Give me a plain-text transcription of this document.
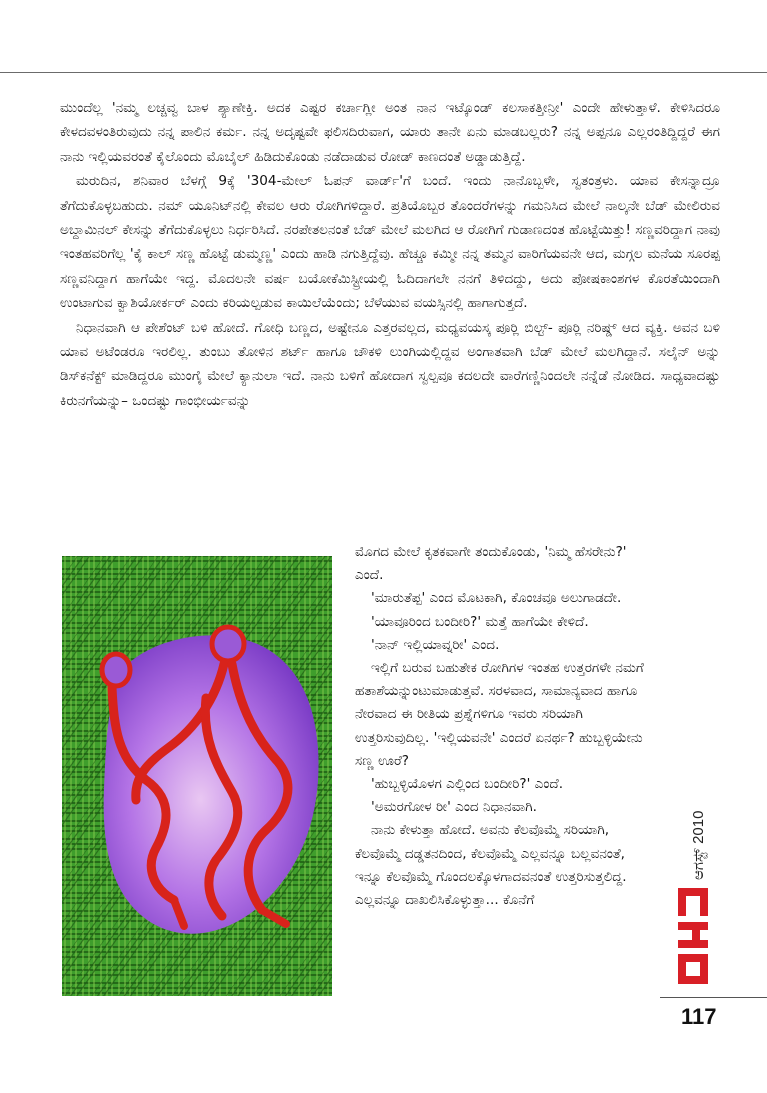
ಮುಂದೆಲ್ಲ 'ನಮ್ಮ ಲಚ್ಚವ್ವ ಬಾಳ ಶ್ಯಾಣೇಕ್ತಿ. ಅದಕ ಎಷ್ಟರ ಕರ್ಚಾಗ್ಲೀ ಅಂತ ನಾನ ಇಟ್ಕೊಂಡ್ ಕಲಸಾಕತ್ತೀನ್ರೀ' ಎಂದೇ ಹೇಳುತ್ತಾಳೆ. ಕೇಳಿಸಿದರೂ ಕೇಳದವಳಂತಿರುವುದು ನನ್ನ ಪಾಲಿನ ಕರ್ಮ. ನನ್ನ ಅದೃಷ್ಟವೇ ಫಲಿಸದಿರುವಾಗ, ಯಾರು ತಾನೇ ಏನು ಮಾಡಬಲ್ಲರು? ನನ್ನ ಅಪ್ಪನೂ ಎಲ್ಲರಂತಿದ್ದಿದ್ದರೆ ಈಗ ನಾನು ಇಲ್ಲಿಯವರಂತೆ ಕೈಲೊಂದು ಮೊಬೈಲ್ ಹಿಡಿದುಕೊಂಡು ನಡೆದಾಡುವ ರೋಡ್ ಕಾಣದಂತೆ ಅಡ್ಡಾಡುತ್ತಿದ್ದೆ.

ಮರುದಿನ, ಶನಿವಾರ ಬೆಳಗ್ಗೆ 9ಕ್ಕೆ '304-ಮೇಲ್ ಓಪನ್ ವಾರ್ಡ್'ಗೆ ಬಂದೆ. ಇಂದು ನಾನೊಬ್ಬಳೇ, ಸ್ವತಂತ್ರಳು. ಯಾವ ಕೇಸನ್ನಾದ್ರೂ ತೆಗೆದುಕೊಳ್ಳಬಹುದು. ನಮ್ ಯೂನಿಟ್‌ನಲ್ಲಿ ಕೇವಲ ಆರು ರೋಗಿಗಳಿದ್ದಾರೆ. ಪ್ರತಿಯೊಬ್ಬರ ತೊಂದರೆಗಳನ್ನು ಗಮನಿಸಿದ ಮೇಲೆ ನಾಲ್ಕನೇ ಬೆಡ್ ಮೇಲಿರುವ ಅಬ್ದಾಮಿನಲ್ ಕೇಸನ್ನು ತೆಗೆದುಕೊಳ್ಳಲು ನಿರ್ಧರಿಸಿದೆ. ನರಪೇತಲನಂತೆ ಬೆಡ್ ಮೇಲೆ ಮಲಗಿದ ಆ ರೋಗಿಗೆ ಗುಡಾಣದಂತ ಹೊಟ್ಟೆಯಿತ್ತು! ಸಣ್ಣವರಿದ್ದಾಗ ನಾವು ಇಂತಹವರಿಗೆಲ್ಲ 'ಕೈ ಕಾಲ್ ಸಣ್ಣ ಹೊಟ್ಟೆ ಡುಮ್ಮಣ್ಣ' ಎಂದು ಹಾಡಿ ನಗುತ್ತಿದ್ದೆವು. ಹೆಚ್ಚೂ ಕಮ್ಮೀ ನನ್ನ ತಮ್ಮನ ವಾರಿಗೆಯವನೇ ಆದ, ಮಗ್ಗಲ ಮನೆಯ ಸೂರಪ್ಪ ಸಣ್ಣವನಿದ್ದಾಗ ಹಾಗೆಯೇ ಇದ್ದ. ಮೊದಲನೇ ವರ್ಷ ಬಯೋಕೆಮಿಸ್ಟ್ರೀಯಲ್ಲಿ ಓದಿದಾಗಲೇ ನನಗೆ ತಿಳಿದದ್ದು, ಅದು ಪೋಷಕಾಂಶಗಳ ಕೊರತೆಯಿಂದಾಗಿ ಉಂಟಾಗುವ ಕ್ವಾಶಿಯೋರ್ಕರ್ ಎಂದು ಕರಿಯಲ್ಪಡುವ ಕಾಯಿಲೆಯೆಂದು; ಬೆಳೆಯುವ ವಯಸ್ಸಿನಲ್ಲಿ ಹಾಗಾಗುತ್ತದೆ.

ನಿಧಾನವಾಗಿ ಆ ಪೇಶೆಂಟ್ ಬಳಿ ಹೋದೆ. ಗೋಧಿ ಬಣ್ಣದ, ಅಷ್ಟೇನೂ ಎತ್ತರವಲ್ಲದ, ಮಧ್ಯವಯಸ್ಕ ಪೂರ್‍ಲಿ ಬಿಲ್ಟ್- ಪೂರ್‍ಲಿ ನರಿಷ್ಡ್ ಆದ ವ್ಯಕ್ತಿ. ಅವನ ಬಳಿ ಯಾವ ಅಟೆಂಡರೂ ಇರಲಿಲ್ಲ. ತುಂಬು ತೋಳಿನ ಶರ್ಟ್ ಹಾಗೂ ಚೌಕಳಿ ಲುಂಗಿಯಲ್ಲಿದ್ದವ ಅಂಗಾತವಾಗಿ ಬೆಡ್ ಮೇಲೆ ಮಲಗಿದ್ದಾನೆ. ಸಲೈನ್ ಅನ್ನು ಡಿಸ್‌ಕನೆಕ್ಟ್ ಮಾಡಿದ್ದರೂ ಮುಂಗೈ ಮೇಲೆ ಕ್ಯಾನುಲಾ ಇದೆ. ನಾನು ಬಳಿಗೆ ಹೋದಾಗ ಸ್ವಲ್ಪವೂ ಕದಲದೇ ವಾರೆಗಣ್ಣಿನಿಂದಲೇ ನನ್ನೆಡೆ ನೋಡಿದ. ಸಾಧ್ಯವಾದಷ್ಟು ಕಿರುನಗೆಯನ್ನು– ಒಂದಷ್ಟು ಗಾಂಭೀರ್ಯವನ್ನು

ಮೊಗದ ಮೇಲೆ ಕೃತಕವಾಗೇ ತಂದುಕೊಂಡು, 'ನಿಮ್ಮ ಹೆಸರೇನು?' ಎಂದೆ.

'ಮಾರುತೆಪ್ಪ' ಎಂದ ಮೊಟಕಾಗಿ, ಕೊಂಚವೂ ಅಲುಗಾಡದೇ.

'ಯಾವೂರಿಂದ ಬಂದೀರಿ?' ಮತ್ತೆ ಹಾಗೆಯೇ ಕೇಳಿದೆ.

'ನಾನ್ ಇಲ್ಲಿಯಾವ್ನರೀ' ಎಂದ.

ಇಲ್ಲಿಗೆ ಬರುವ ಬಹುತೇಕ ರೋಗಿಗಳ ಇಂತಹ ಉತ್ತರಗಳೇ ನಮಗೆ ಹತಾಶೆಯನ್ನುಂಟುಮಾಡುತ್ತವೆ. ಸರಳವಾದ, ಸಾಮಾನ್ಯವಾದ ಹಾಗೂ ನೇರವಾದ ಈ ರೀತಿಯ ಪ್ರಶ್ನೆಗಳಿಗೂ ಇವರು ಸರಿಯಾಗಿ ಉತ್ತರಿಸುವುದಿಲ್ಲ. 'ಇಲ್ಲಿಯವನೇ' ಎಂದರೆ ಏನರ್ಥ? ಹುಬ್ಬಳ್ಳಿಯೇನು ಸಣ್ಣ ಊರೆ?

'ಹುಬ್ಬಳ್ಳಿಯೊಳಗ ಎಲ್ಲಿಂದ ಬಂದೀರಿ?' ಎಂದೆ.

'ಅಮರಗೋಳ ರೀ' ಎಂದ ನಿಧಾನವಾಗಿ.

ನಾನು ಕೇಳುತ್ತಾ ಹೋದೆ. ಅವನು ಕೆಲವೊಮ್ಮೆ ಸರಿಯಾಗಿ, ಕೆಲವೊಮ್ಮೆ ದಡ್ಡತನದಿಂದ, ಕೆಲವೊಮ್ಮೆ ಎಲ್ಲವನ್ನೂ ಬಲ್ಲವನಂತೆ, ಇನ್ನೂ ಕೆಲವೊಮ್ಮೆ ಗೊಂದಲಕ್ಕೊಳಗಾದವನಂತೆ ಉತ್ತರಿಸುತ್ತಲಿದ್ದ. ಎಲ್ಲವನ್ನೂ ದಾಖಲಿಸಿಕೊಳ್ಳುತ್ತಾ... ಕೊನೆಗೆ

ಆಗಸ್ಟ್ 2010
117
